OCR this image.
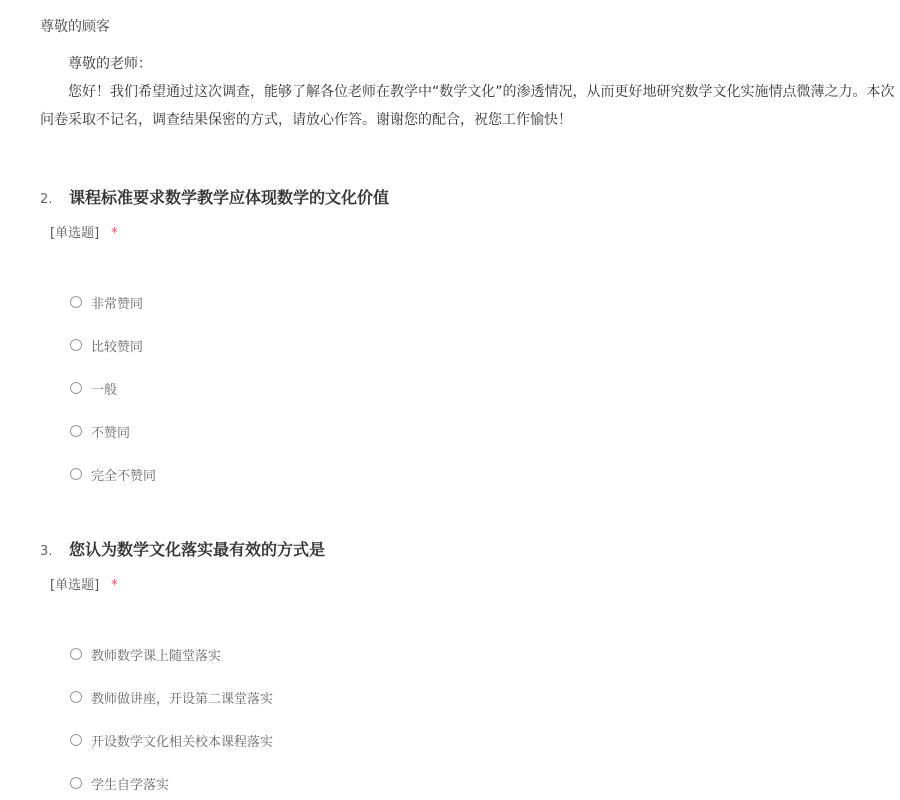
尊敬的顾客

尊敬的老师：

您好！我们希望通过这次调查，能够了解各位老师在教学中“数学文化”的渗透情况，从而更好地研究数学文化实施情点微薄之力。本次问卷采取不记名，调查结果保密的方式，请放心作答。谢谢您的配合，祝您工作愉快！

2. 课程标准要求数学教学应体现数学的文化价值
[单选题] *
非常赞同
比较赞同
一般
不赞同
完全不赞同
3. 您认为数学文化落实最有效的方式是
[单选题] *
教师数学课上随堂落实
教师做讲座，开设第二课堂落实
开设数学文化相关校本课程落实
学生自学落实
